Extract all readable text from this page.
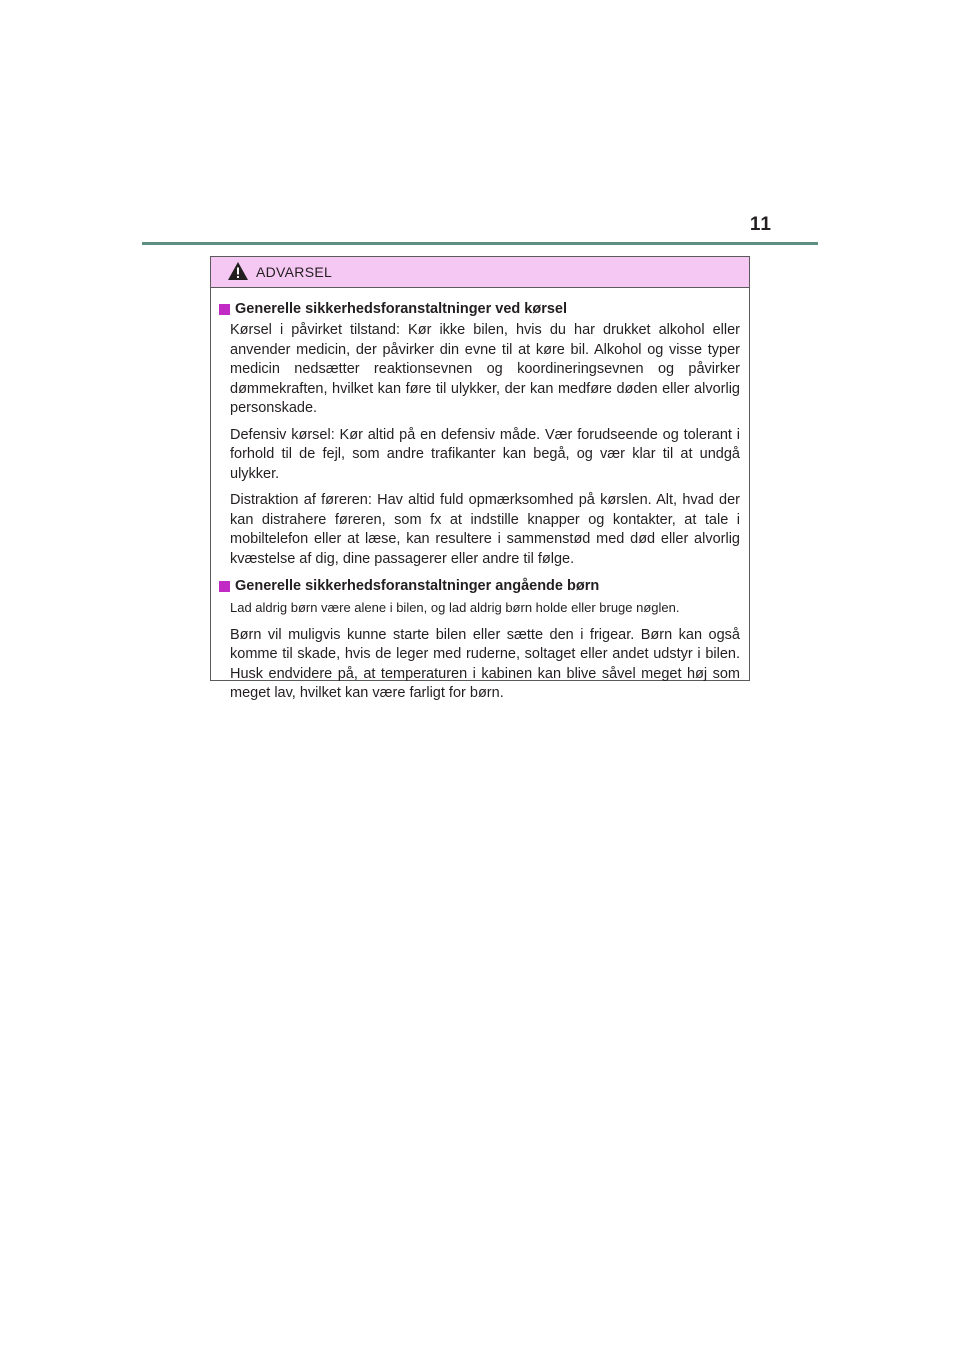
11
ADVARSEL
Generelle sikkerhedsforanstaltninger ved kørsel

Kørsel i påvirket tilstand: Kør ikke bilen, hvis du har drukket alkohol eller anvender medicin, der påvirker din evne til at køre bil. Alkohol og visse typer medicin nedsætter reaktionsevnen og koordineringsevnen og påvirker dømmekraften, hvilket kan føre til ulykker, der kan medføre døden eller alvorlig personskade.

Defensiv kørsel: Kør altid på en defensiv måde. Vær forudseende og tolerant i forhold til de fejl, som andre trafikanter kan begå, og vær klar til at undgå ulykker.

Distraktion af føreren: Hav altid fuld opmærksomhed på kørslen. Alt, hvad der kan distrahere føreren, som fx at indstille knapper og kontakter, at tale i mobiltelefon eller at læse, kan resultere i sammenstød med død eller alvorlig kvæstelse af dig, dine passagerer eller andre til følge.

Generelle sikkerhedsforanstaltninger angående børn

Lad aldrig børn være alene i bilen, og lad aldrig børn holde eller bruge nøglen.

Børn vil muligvis kunne starte bilen eller sætte den i frigear. Børn kan også komme til skade, hvis de leger med ruderne, soltaget eller andet udstyr i bilen. Husk endvidere på, at temperaturen i kabinen kan blive såvel meget høj som meget lav, hvilket kan være farligt for børn.
